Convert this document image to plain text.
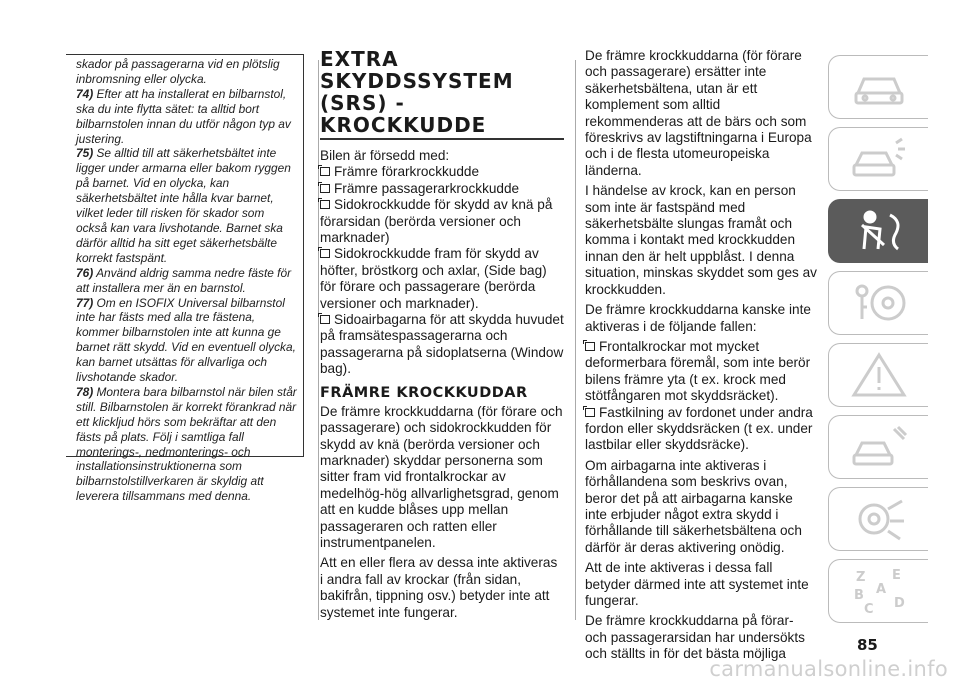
skador på passagerarna vid en plötslig inbromsning eller olycka.

74) Efter att ha installerat en bilbarnstol, ska du inte flytta sätet: ta alltid bort bilbarnstolen innan du utför någon typ av justering.

75) Se alltid till att säkerhetsbältet inte ligger under armarna eller bakom ryggen på barnet. Vid en olycka, kan säkerhetsbältet inte hålla kvar barnet, vilket leder till risken för skador som också kan vara livshotande. Barnet ska därför alltid ha sitt eget säkerhetsbälte korrekt fastspänt.

76) Använd aldrig samma nedre fäste för att installera mer än en barnstol.

77) Om en ISOFIX Universal bilbarnstol inte har fästs med alla tre fästena, kommer bilbarnstolen inte att kunna ge barnet rätt skydd. Vid en eventuell olycka, kan barnet utsättas för allvarliga och livshotande skador.

78) Montera bara bilbarnstol när bilen står still. Bilbarnstolen är korrekt förankrad när ett klickljud hörs som bekräftar att den fästs på plats. Följ i samtliga fall monterings-, nedmonterings- och installationsinstruktionerna som bilbarnstolstillverkaren är skyldig att leverera tillsammans med denna.

EXTRA
SKYDDSSYSTEM
(SRS) -
KROCKKUDDE

Bilen är försedd med:

Främre förarkrockkudde

Främre passagerarkrockkudde

Sidokrockkudde för skydd av knä på förarsidan (berörda versioner och marknader)

Sidokrockkudde fram för skydd av höfter, bröstkorg och axlar, (Side bag) för förare och passagerare (berörda versioner och marknader).

Sidoairbagarna för att skydda huvudet på framsätespassagerarna och passagerarna på sidoplatserna (Window bag).

FRÄMRE KROCKKUDDAR

De främre krockkuddarna (för förare och passagerare) och sidokrockkudden för skydd av knä (berörda versioner och marknader) skyddar personerna som sitter fram vid frontalkrockar av medelhög-hög allvarlighetsgrad, genom att en kudde blåses upp mellan passageraren och ratten eller instrumentpanelen.

Att en eller flera av dessa inte aktiveras i andra fall av krockar (från sidan, bakifrån, tippning osv.) betyder inte att systemet inte fungerar.

De främre krockkuddarna (för förare och passagerare) ersätter inte säkerhetsbältena, utan är ett komplement som alltid rekommenderas att de bärs och som föreskrivs av lagstiftningarna i Europa och i de flesta utomeuropeiska länderna.

I händelse av krock, kan en person som inte är fastspänd med säkerhetsbälte slungas framåt och komma i kontakt med krockkudden innan den är helt uppblåst. I denna situation, minskas skyddet som ges av krockkudden.

De främre krockkuddarna kanske inte aktiveras i de följande fallen:

Frontalkrockar mot mycket deformerbara föremål, som inte berör bilens främre yta (t ex. krock med stötfångaren mot skyddsräcket).

Fastkilning av fordonet under andra fordon eller skyddsräcken (t ex. under lastbilar eller skyddsräcke).

Om airbagarna inte aktiveras i förhållandena som beskrivs ovan, beror det på att airbagarna kanske inte erbjuder något extra skydd i förhållande till säkerhetsbältena och därför är deras aktivering onödig.

Att de inte aktiveras i dessa fall betyder därmed inte att systemet inte fungerar.

De främre krockkuddarna på förar- och passagerarsidan har undersökts och ställts in för det bästa möjliga

Z E
B A
C D
85
carmanualsonline.info
